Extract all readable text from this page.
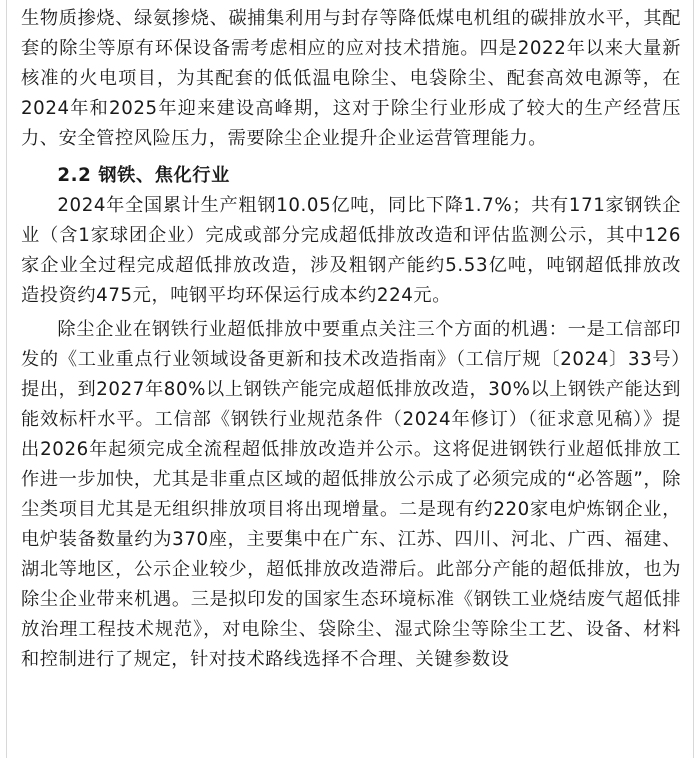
生物质掺烧、绿氨掺烧、碳捕集利用与封存等降低煤电机组的碳排放水平，其配套的除尘等原有环保设备需考虑相应的应对技术措施。四是2022年以来大量新核准的火电项目，为其配套的低低温电除尘、电袋除尘、配套高效电源等，在2024年和2025年迎来建设高峰期，这对于除尘行业形成了较大的生产经营压力、安全管控风险压力，需要除尘企业提升企业运营管理能力。

2.2 钢铁、焦化行业

2024年全国累计生产粗钢10.05亿吨，同比下降1.7%；共有171家钢铁企业（含1家球团企业）完成或部分完成超低排放改造和评估监测公示，其中126家企业全过程完成超低排放改造，涉及粗钢产能约5.53亿吨，吨钢超低排放改造投资约475元，吨钢平均环保运行成本约224元。

除尘企业在钢铁行业超低排放中要重点关注三个方面的机遇：一是工信部印发的《工业重点行业领域设备更新和技术改造指南》（工信厅规〔2024〕33号）提出，到2027年80%以上钢铁产能完成超低排放改造，30%以上钢铁产能达到能效标杆水平。工信部《钢铁行业规范条件（2024年修订）（征求意见稿）》提出2026年起须完成全流程超低排放改造并公示。这将促进钢铁行业超低排放工作进一步加快，尤其是非重点区域的超低排放公示成了必须完成的“必答题”，除尘类项目尤其是无组织排放项目将出现增量。二是现有约220家电炉炼钢企业，电炉装备数量约为370座，主要集中在广东、江苏、四川、河北、广西、福建、湖北等地区，公示企业较少，超低排放改造滞后。此部分产能的超低排放，也为除尘企业带来机遇。三是拟印发的国家生态环境标准《钢铁工业烧结废气超低排放治理工程技术规范》，对电除尘、袋除尘、湿式除尘等除尘工艺、设备、材料和控制进行了规定，针对技术路线选择不合理、关键参数设
